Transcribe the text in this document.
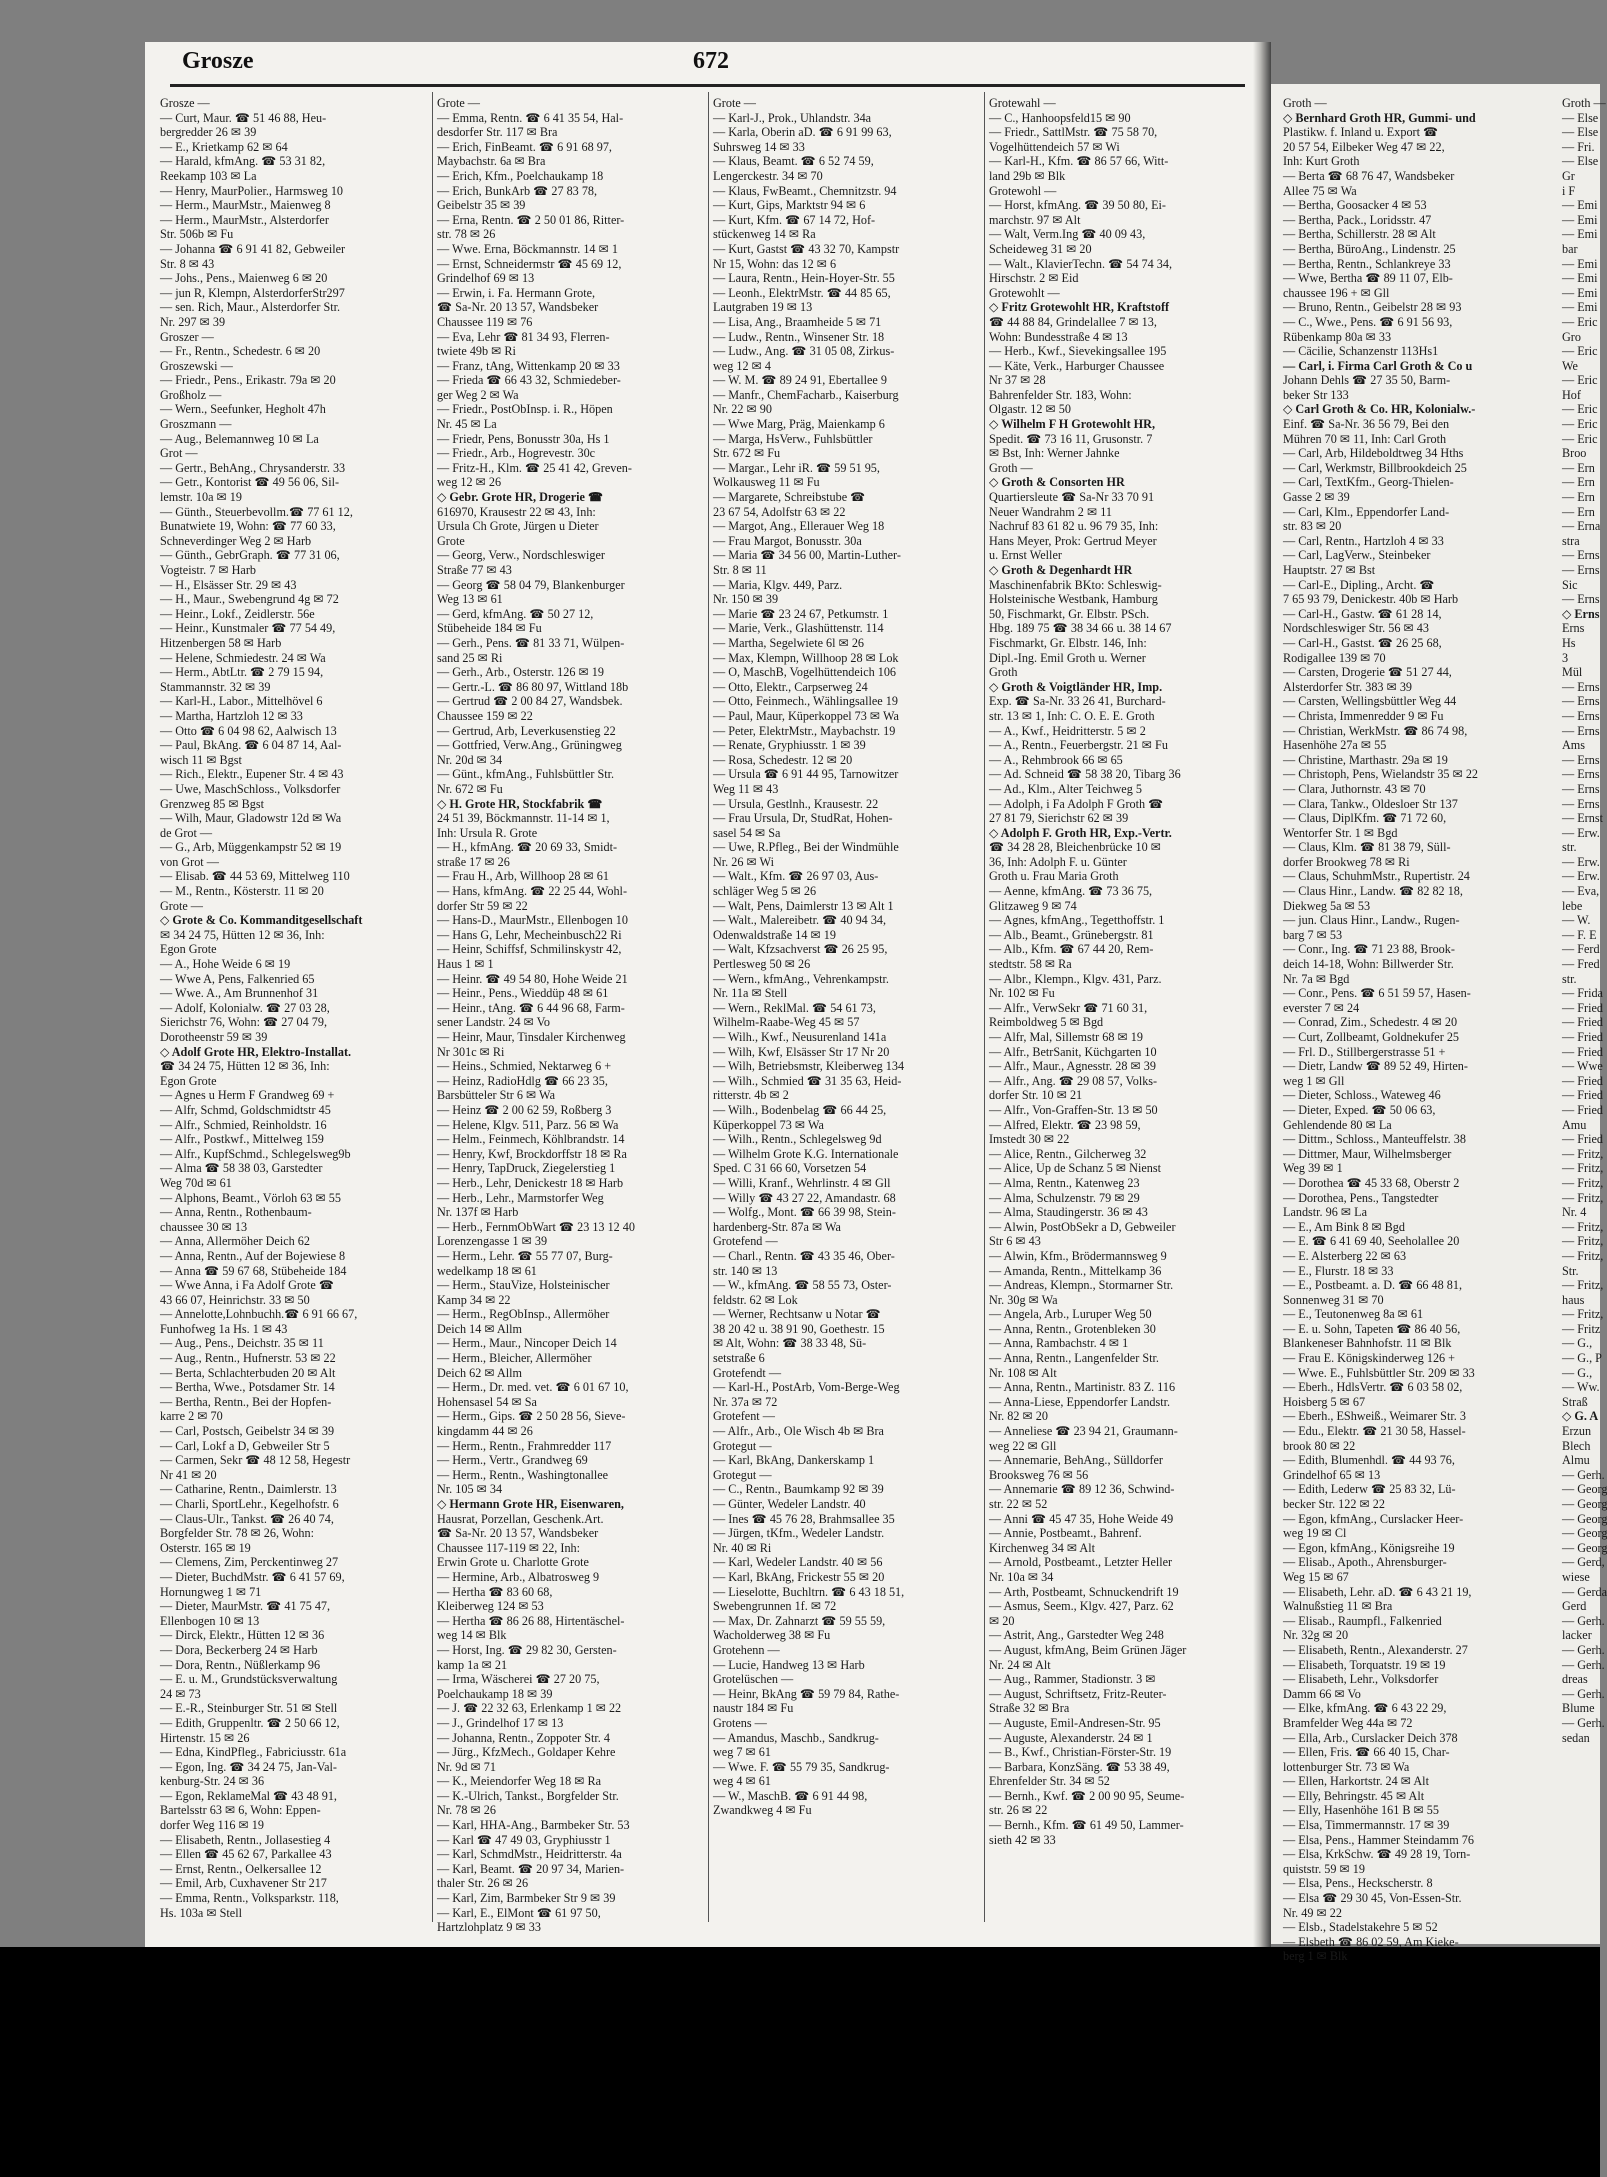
Grosze	672
Grosze —
— Curt, Maur. ☎ 51 46 88, Heu-
bergredder 26 ✉ 39
— E., Krietkamp 62 ✉ 64
— Harald, kfmAng. ☎ 53 31 82,
Reekamp 103 ✉ La
— Henry, MaurPolier., Harmsweg 10
— Herm., MaurMstr., Maienweg 8
— Herm., MaurMstr., Alsterdorfer
Str. 506b ✉ Fu
— Johanna ☎ 6 91 41 82, Gebweiler
Str. 8 ✉ 43
— Johs., Pens., Maienweg 6 ✉ 20
— jun R, Klempn, AlsterdorferStr297
— sen. Rich, Maur., Alsterdorfer Str.
Nr. 297 ✉ 39
Groszer —
— Fr., Rentn., Schedestr. 6 ✉ 20
Groszewski —
— Friedr., Pens., Erikastr. 79a ✉ 20
Großholz —
— Wern., Seefunker, Hegholt 47h
Groszmann —
— Aug., Belemannweg 10 ✉ La
Grot —
— Gertr., BehAng., Chrysanderstr. 33
— Getr., Kontorist ☎ 49 56 06, Sil-
lemstr. 10a ✉ 19
— Günth., Steuerbevollm.☎ 77 61 12,
Bunatwiete 19, Wohn: ☎ 77 60 33,
Schneverdinger Weg 2 ✉ Harb
— Günth., GebrGraph. ☎ 77 31 06,
Vogteistr. 7 ✉ Harb
— H., Elsässer Str. 29 ✉ 43
— H., Maur., Swebengrund 4g ✉ 72
— Heinr., Lokf., Zeidlerstr. 56e
— Heinr., Kunstmaler ☎ 77 54 49,
Hitzenbergen 58 ✉ Harb
— Helene, Schmiedestr. 24 ✉ Wa
— Herm., AbtLtr. ☎ 2 79 15 94,
Stammannstr. 32 ✉ 39
— Karl-H., Labor., Mittelhövel 6
— Martha, Hartzloh 12 ✉ 33
— Otto ☎ 6 04 98 62, Aalwisch 13
— Paul, BkAng. ☎ 6 04 87 14, Aal-
wisch 11 ✉ Bgst
— Rich., Elektr., Eupener Str. 4 ✉ 43
— Uwe, MaschSchloss., Volksdorfer
Grenzweg 85 ✉ Bgst
— Wilh, Maur, Gladowstr 12d ✉ Wa
de Grot —
— G., Arb, Müggenkampstr 52 ✉ 19
von Grot —
— Elisab. ☎ 44 53 69, Mittelweg 110
— M., Rentn., Kösterstr. 11 ✉ 20
Grote —
◇ Grote & Co. Kommanditgesellschaft
✉ 34 24 75, Hütten 12 ✉ 36, Inh:
Egon Grote
— A., Hohe Weide 6 ✉ 19
— Wwe A, Pens, Falkenried 65
— Wwe. A., Am Brunnenhof 31
— Adolf, Kolonialw. ☎ 27 03 28,
Sierichstr 76, Wohn: ☎ 27 04 79,
Dorotheenstr 59 ✉ 39
◇ Adolf Grote HR, Elektro-Installat.
☎ 34 24 75, Hütten 12 ✉ 36, Inh:
Egon Grote
— Agnes u Herm F Grandweg 69 +
— Alfr, Schmd, Goldschmidtstr 45
— Alfr., Schmied, Reinholdstr. 16
— Alfr., Postkwf., Mittelweg 159
— Alfr., KupfSchmd., Schlegelsweg9b
— Alma ☎ 58 38 03, Garstedter
Weg 70d ✉ 61
— Alphons, Beamt., Vörloh 63 ✉ 55
— Anna, Rentn., Rothenbaum-
chaussee 30 ✉ 13
— Anna, Allermöher Deich 62
— Anna, Rentn., Auf der Bojewiese 8
— Anna ☎ 59 67 68, Stübeheide 184
— Wwe Anna, i Fa Adolf Grote ☎
43 66 07, Heinrichstr. 33 ✉ 50
— Annelotte,Lohnbuchh.☎ 6 91 66 67,
Funhofweg 1a Hs. 1 ✉ 43
— Aug., Pens., Deichstr. 35 ✉ 11
— Aug., Rentn., Hufnerstr. 53 ✉ 22
— Berta, Schlachterbuden 20 ✉ Alt
— Bertha, Wwe., Potsdamer Str. 14
— Bertha, Rentn., Bei der Hopfen-
karre 2 ✉ 70
— Carl, Postsch, Geibelstr 34 ✉ 39
— Carl, Lokf a D, Gebweiler Str 5
— Carmen, Sekr ☎ 48 12 58, Hegestr
Nr 41 ✉ 20
— Catharine, Rentn., Daimlerstr. 13
— Charli, SportLehr., Kegelhofstr. 6
— Claus-Ulr., Tankst. ☎ 26 40 74,
Borgfelder Str. 78 ✉ 26, Wohn:
Osterstr. 165 ✉ 19
— Clemens, Zim, Perckentinweg 27
— Dieter, BuchdMstr. ☎ 6 41 57 69,
Hornungweg 1 ✉ 71
— Dieter, MaurMstr. ☎ 41 75 47,
Ellenbogen 10 ✉ 13
— Dirck, Elektr., Hütten 12 ✉ 36
— Dora, Beckerberg 24 ✉ Harb
— Dora, Rentn., Nüßlerkamp 96
— E. u. M., Grundstücksverwaltung
24 ✉ 73
— E.-R., Steinburger Str. 51 ✉ Stell
— Edith, Gruppenltr. ☎ 2 50 66 12,
Hirtenstr. 15 ✉ 26
— Edna, KindPfleg., Fabriciusstr. 61a
— Egon, Ing. ☎ 34 24 75, Jan-Val-
kenburg-Str. 24 ✉ 36
— Egon, ReklameMal ☎ 43 48 91,
Bartelsstr 63 ✉ 6, Wohn: Eppen-
dorfer Weg 116 ✉ 19
— Elisabeth, Rentn., Jollasestieg 4
— Ellen ☎ 45 62 67, Parkallee 43
— Ernst, Rentn., Oelkersallee 12
— Emil, Arb, Cuxhavener Str 217
— Emma, Rentn., Volksparkstr. 118,
Hs. 103a ✉ Stell
Grote —
— Emma, Rentn. ☎ 6 41 35 54, Hal-
desdorfer Str. 117 ✉ Bra
— Erich, FinBeamt. ☎ 6 91 68 97,
Maybachstr. 6a ✉ Bra
— Erich, Kfm., Poelchaukamp 18
— Erich, BunkArb ☎ 27 83 78,
Geibelstr 35 ✉ 39
— Erna, Rentn. ☎ 2 50 01 86, Ritter-
str. 78 ✉ 26
— Wwe. Erna, Böckmannstr. 14 ✉ 1
— Ernst, Schneidermstr ☎ 45 69 12,
Grindelhof 69 ✉ 13
— Erwin, i. Fa. Hermann Grote,
☎ Sa-Nr. 20 13 57, Wandsbeker
Chaussee 119 ✉ 76
— Eva, Lehr ☎ 81 34 93, Flerren-
twiete 49b ✉ Ri
— Franz, tAng, Wittenkamp 20 ✉ 33
— Frieda ☎ 66 43 32, Schmiedeber-
ger Weg 2 ✉ Wa
— Friedr., PostObInsp. i. R., Höpen
Nr. 45 ✉ La
— Friedr, Pens, Bonusstr 30a, Hs 1
— Friedr., Arb., Hogrevestr. 30c
— Fritz-H., Klm. ☎ 25 41 42, Greven-
weg 12 ✉ 26
◇ Gebr. Grote HR, Drogerie ☎
616970, Krausestr 22 ✉ 43, Inh:
Ursula Ch Grote, Jürgen u Dieter
Grote
— Georg, Verw., Nordschleswiger
Straße 77 ✉ 43
— Georg ☎ 58 04 79, Blankenburger
Weg 13 ✉ 61
— Gerd, kfmAng. ☎ 50 27 12,
Stübeheide 184 ✉ Fu
— Gerh., Pens. ☎ 81 33 71, Wülpen-
sand 25 ✉ Ri
— Gerh., Arb., Osterstr. 126 ✉ 19
— Gertr.-L. ☎ 86 80 97, Wittland 18b
— Gertrud ☎ 2 00 84 27, Wandsbek.
Chaussee 159 ✉ 22
— Gertrud, Arb, Leverkusenstieg 22
— Gottfried, Verw.Ang., Grüningweg
Nr. 20d ✉ 34
— Günt., kfmAng., Fuhlsbüttler Str.
Nr. 672 ✉ Fu
◇ H. Grote HR, Stockfabrik ☎
24 51 39, Böckmannstr. 11-14 ✉ 1,
Inh: Ursula R. Grote
— H., kfmAng. ☎ 20 69 33, Smidt-
straße 17 ✉ 26
— Frau H., Arb, Willhoop 28 ✉ 61
— Hans, kfmAng. ☎ 22 25 44, Wohl-
dorfer Str 59 ✉ 22
— Hans-D., MaurMstr., Ellenbogen 10
— Hans G, Lehr, Mecheinbusch22 Ri
— Heinr, Schiffsf, Schmilinskystr 42,
Haus 1 ✉ 1
— Heinr. ☎ 49 54 80, Hohe Weide 21
— Heinr., Pens., Wieddüp 48 ✉ 61
— Heinr., tAng. ☎ 6 44 96 68, Farm-
sener Landstr. 24 ✉ Vo
— Heinr, Maur, Tinsdaler Kirchenweg
Nr 301c ✉ Ri
— Heins., Schmied, Nektarweg 6 +
— Heinz, RadioHdlg ☎ 66 23 35,
Barsbütteler Str 6 ✉ Wa
— Heinz ☎ 2 00 62 59, Roßberg 3
— Helene, Klgv. 511, Parz. 56 ✉ Wa
— Helm., Feinmech, Köhlbrandstr. 14
— Henry, Kwf, Brockdorffstr 18 ✉ Ra
— Henry, TapDruck, Ziegelerstieg 1
— Herb., Lehr, Denickestr 18 ✉ Harb
— Herb., Lehr., Marmstorfer Weg
Nr. 137f ✉ Harb
— Herb., FernmObWart ☎ 23 13 12 40
Lorenzengasse 1 ✉ 39
— Herm., Lehr. ☎ 55 77 07, Burg-
wedelkamp 18 ✉ 61
— Herm., StauVize, Holsteinischer
Kamp 34 ✉ 22
— Herm., RegObInsp., Allermöher
Deich 14 ✉ Allm
— Herm., Maur., Nincoper Deich 14
— Herm., Bleicher, Allermöher
Deich 62 ✉ Allm
— Herm., Dr. med. vet. ☎ 6 01 67 10,
Hohensasel 54 ✉ Sa
— Herm., Gips. ☎ 2 50 28 56, Sieve-
kingdamm 44 ✉ 26
— Herm., Rentn., Frahmredder 117
— Herm., Vertr., Grandweg 69
— Herm., Rentn., Washingtonallee
Nr. 105 ✉ 34
◇ Hermann Grote HR, Eisenwaren,
Hausrat, Porzellan, Geschenk.Art.
☎ Sa-Nr. 20 13 57, Wandsbeker
Chaussee 117-119 ✉ 22, Inh:
Erwin Grote u. Charlotte Grote
— Hermine, Arb., Albatrosweg 9
— Hertha ☎ 83 60 68,
Kleiberweg 124 ✉ 53
— Hertha ☎ 86 26 88, Hirtentäschel-
weg 14 ✉ Blk
— Horst, Ing. ☎ 29 82 30, Gersten-
kamp 1a ✉ 21
— Irma, Wäscherei ☎ 27 20 75,
Poelchaukamp 18 ✉ 39
— J. ☎ 22 32 63, Erlenkamp 1 ✉ 22
— J., Grindelhof 17 ✉ 13
— Johanna, Rentn., Zoppoter Str. 4
— Jürg., KfzMech., Goldaper Kehre
Nr. 9d ✉ 71
— K., Meiendorfer Weg 18 ✉ Ra
— K.-Ulrich, Tankst., Borgfelder Str.
Nr. 78 ✉ 26
— Karl, HHA-Ang., Barmbeker Str. 53
— Karl ☎ 47 49 03, Gryphiusstr 1
— Karl, SchmdMstr., Heidritterstr. 4a
— Karl, Beamt. ☎ 20 97 34, Marien-
thaler Str. 26 ✉ 26
— Karl, Zim, Barmbeker Str 9 ✉ 39
— Karl, E., ElMont ☎ 61 97 50,
Hartzlohplatz 9 ✉ 33
Grote —
— Karl-J., Prok., Uhlandstr. 34a
— Karla, Oberin aD. ☎ 6 91 99 63,
Suhrsweg 14 ✉ 33
— Klaus, Beamt. ☎ 6 52 74 59,
Lengerckestr. 34 ✉ 70
— Klaus, FwBeamt., Chemnitzstr. 94
— Kurt, Gips, Marktstr 94 ✉ 6
— Kurt, Kfm. ☎ 67 14 72, Hof-
stückenweg 14 ✉ Ra
— Kurt, Gastst ☎ 43 32 70, Kampstr
Nr 15, Wohn: das 12 ✉ 6
— Laura, Rentn., Hein-Hoyer-Str. 55
— Leonh., ElektrMstr. ☎ 44 85 65,
Lautgraben 19 ✉ 13
— Lisa, Ang., Braamheide 5 ✉ 71
— Ludw., Rentn., Winsener Str. 18
— Ludw., Ang. ☎ 31 05 08, Zirkus-
weg 12 ✉ 4
— W. M. ☎ 89 24 91, Ebertallee 9
— Manfr., ChemFacharb., Kaiserburg
Nr. 22 ✉ 90
— Wwe Marg, Präg, Maienkamp 6
— Marga, HsVerw., Fuhlsbüttler
Str. 672 ✉ Fu
— Margar., Lehr iR. ☎ 59 51 95,
Wolkausweg 11 ✉ Fu
— Margarete, Schreibstube ☎
23 67 54, Adolfstr 63 ✉ 22
— Margot, Ang., Ellerauer Weg 18
— Frau Margot, Bonusstr. 30a
— Maria ☎ 34 56 00, Martin-Luther-
Str. 8 ✉ 11
— Maria, Klgv. 449, Parz.
Nr. 150 ✉ 39
— Marie ☎ 23 24 67, Petkumstr. 1
— Marie, Verk., Glashüttenstr. 114
— Martha, Segelwiete 6l ✉ 26
— Max, Klempn, Willhoop 28 ✉ Lok
— O, MaschB, Vogelhüttendeich 106
— Otto, Elektr., Carpserweg 24
— Otto, Feinmech., Wählingsallee 19
— Paul, Maur, Küperkoppel 73 ✉ Wa
— Peter, ElektrMstr., Maybachstr. 19
— Renate, Gryphiusstr. 1 ✉ 39
— Rosa, Schedestr. 12 ✉ 20
— Ursula ☎ 6 91 44 95, Tarnowitzer
Weg 11 ✉ 43
— Ursula, Gestlnh., Krausestr. 22
— Frau Ursula, Dr, StudRat, Hohen-
sasel 54 ✉ Sa
— Uwe, R.Pfleg., Bei der Windmühle
Nr. 26 ✉ Wi
— Walt., Kfm. ☎ 26 97 03, Aus-
schläger Weg 5 ✉ 26
— Walt, Pens, Daimlerstr 13 ✉ Alt 1
— Walt., Malereibetr. ☎ 40 94 34,
Odenwaldstraße 14 ✉ 19
— Walt, Kfzsachverst ☎ 26 25 95,
Pertlesweg 50 ✉ 26
— Wern., kfmAng., Vehrenkampstr.
Nr. 11a ✉ Stell
— Wern., ReklMal. ☎ 54 61 73,
Wilhelm-Raabe-Weg 45 ✉ 57
— Wilh., Kwf., Neusurenland 141a
— Wilh, Kwf, Elsässer Str 17 Nr 20
— Wilh, Betriebsmstr, Kleiberweg 134
— Wilh., Schmied ☎ 31 35 63, Heid-
ritterstr. 4b ✉ 2
— Wilh., Bodenbelag ☎ 66 44 25,
Küperkoppel 73 ✉ Wa
— Wilh., Rentn., Schlegelsweg 9d
— Wilhelm Grote K.G. Internationale
Sped. C 31 66 60, Vorsetzen 54
— Willi, Kranf., Wehrlinstr. 4 ✉ Gll
— Willy ☎ 43 27 22, Amandastr. 68
— Wolfg., Mont. ☎ 66 39 98, Stein-
hardenberg-Str. 87a ✉ Wa
Grotefend —
— Charl., Rentn. ☎ 43 35 46, Ober-
str. 140 ✉ 13
— W., kfmAng. ☎ 58 55 73, Oster-
feldstr. 62 ✉ Lok
— Werner, Rechtsanw u Notar ☎
38 20 42 u. 38 91 90, Goethestr. 15
✉ Alt, Wohn: ☎ 38 33 48, Sü-
setstraße 6
Grotefendt —
— Karl-H., PostArb, Vom-Berge-Weg
Nr. 37a ✉ 72
Grotefent —
— Alfr., Arb., Ole Wisch 4b ✉ Bra
Grotegut —
— Karl, BkAng, Dankerskamp 1
Grotegut —
— C., Rentn., Baumkamp 92 ✉ 39
— Günter, Wedeler Landstr. 40
— Ines ☎ 45 76 28, Brahmsallee 35
— Jürgen, tKfm., Wedeler Landstr.
Nr. 40 ✉ Ri
— Karl, Wedeler Landstr. 40 ✉ 56
— Karl, BkAng, Frickestr 55 ✉ 20
— Lieselotte, Buchltrn. ☎ 6 43 18 51,
Swebengrunnen 1f. ✉ 72
— Max, Dr. Zahnarzt ☎ 59 55 59,
Wacholderweg 38 ✉ Fu
Grotehenn —
— Lucie, Handweg 13 ✉ Harb
Grotelüschen —
— Heinr, BkAng ☎ 59 79 84, Rathe-
naustr 184 ✉ Fu
Grotens —
— Amandus, Maschb., Sandkrug-
weg 7 ✉ 61
— Wwe. F. ☎ 55 79 35, Sandkrug-
weg 4 ✉ 61
— W., MaschB. ☎ 6 91 44 98,
Zwandkweg 4 ✉ Fu
Grotewahl —
— C., Hanhoopsfeld15 ✉ 90
— Friedr., SattlMstr. ☎ 75 58 70,
Vogelhüttendeich 57 ✉ Wi
— Karl-H., Kfm. ☎ 86 57 66, Witt-
land 29b ✉ Blk
Grotewohl —
— Horst, kfmAng. ☎ 39 50 80, Ei-
marchstr. 97 ✉ Alt
— Walt, Verm.Ing ☎ 40 09 43,
Scheideweg 31 ✉ 20
— Walt., KlavierTechn. ☎ 54 74 34,
Hirschstr. 2 ✉ Eid
Grotewohlt —
◇ Fritz Grotewohlt HR, Kraftstoff
☎ 44 88 84, Grindelallee 7 ✉ 13,
Wohn: Bundesstraße 4 ✉ 13
— Herb., Kwf., Sievekingsallee 195
— Käte, Verk., Harburger Chaussee
Nr 37 ✉ 28
Bahrenfelder Str. 183, Wohn:
Olgastr. 12 ✉ 50
◇ Wilhelm F H Grotewohlt HR,
Spedit. ☎ 73 16 11, Grusonstr. 7
✉ Bst, Inh: Werner Jahnke
Groth —
◇ Groth & Consorten HR
Quartiersleute ☎ Sa-Nr 33 70 91
Neuer Wandrahm 2 ✉ 11
Nachruf 83 61 82 u. 96 79 35, Inh:
Hans Meyer, Prok: Gertrud Meyer
u. Ernst Weller
◇ Groth & Degenhardt HR
Maschinenfabrik BKto: Schleswig-
Holsteinische Westbank, Hamburg
50, Fischmarkt, Gr. Elbstr. PSch.
Hbg. 189 75 ☎ 38 34 66 u. 38 14 67
Fischmarkt, Gr. Elbstr. 146, Inh:
Dipl.-Ing. Emil Groth u. Werner
Groth
◇ Groth & Voigtländer HR, Imp.
Exp. ☎ Sa-Nr. 33 26 41, Burchard-
str. 13 ✉ 1, Inh: C. O. E. E. Groth
— A., Kwf., Heidritterstr. 5 ✉ 2
— A., Rentn., Feuerbergstr. 21 ✉ Fu
— A., Rehmbrook 66 ✉ 65
— Ad. Schneid ☎ 58 38 20, Tibarg 36
— Ad., Klm., Alter Teichweg 5
— Adolph, i Fa Adolph F Groth ☎
27 81 79, Sierichstr 62 ✉ 39
◇ Adolph F. Groth HR, Exp.-Vertr.
☎ 34 28 28, Bleichenbrücke 10 ✉
36, Inh: Adolph F. u. Günter
Groth u. Frau Maria Groth
— Aenne, kfmAng. ☎ 73 36 75,
Glitzaweg 9 ✉ 74
— Agnes, kfmAng., Tegetthoffstr. 1
— Alb., Beamt., Grünebergstr. 81
— Alb., Kfm. ☎ 67 44 20, Rem-
stedtstr. 58 ✉ Ra
— Albr., Klempn., Klgv. 431, Parz.
Nr. 102 ✉ Fu
— Alfr., VerwSekr ☎ 71 60 31,
Reimboldweg 5 ✉ Bgd
— Alfr, Mal, Sillemstr 68 ✉ 19
— Alfr., BetrSanit, Küchgarten 10
— Alfr., Maur., Agnesstr. 28 ✉ 39
— Alfr., Ang. ☎ 29 08 57, Volks-
dorfer Str. 10 ✉ 21
— Alfr., Von-Graffen-Str. 13 ✉ 50
— Alfred, Elektr. ☎ 23 98 59,
Imstedt 30 ✉ 22
— Alice, Rentn., Gilcherweg 32
— Alice, Up de Schanz 5 ✉ Nienst
— Alma, Rentn., Katenweg 23
— Alma, Schulzenstr. 79 ✉ 29
— Alma, Staudingerstr. 36 ✉ 43
— Alwin, PostObSekr a D, Gebweiler
Str 6 ✉ 43
— Alwin, Kfm., Brödermannsweg 9
— Amanda, Rentn., Mittelkamp 36
— Andreas, Klempn., Stormarner Str.
Nr. 30g ✉ Wa
— Angela, Arb., Luruper Weg 50
— Anna, Rentn., Grotenbleken 30
— Anna, Rambachstr. 4 ✉ 1
— Anna, Rentn., Langenfelder Str.
Nr. 108 ✉ Alt
— Anna, Rentn., Martinistr. 83 Z. 116
— Anna-Liese, Eppendorfer Landstr.
Nr. 82 ✉ 20
— Anneliese ☎ 23 94 21, Graumann-
weg 22 ✉ Gll
— Annemarie, BehAng., Sülldorfer
Brooksweg 76 ✉ 56
— Annemarie ☎ 89 12 36, Schwind-
str. 22 ✉ 52
— Anni ☎ 45 47 35, Hohe Weide 49
— Annie, Postbeamt., Bahrenf.
Kirchenweg 34 ✉ Alt
— Arnold, Postbeamt., Letzter Heller
Nr. 10a ✉ 34
— Arth, Postbeamt, Schnuckendrift 19
— Asmus, Seem., Klgv. 427, Parz. 62
✉ 20
— Astrit, Ang., Garstedter Weg 248
— August, kfmAng, Beim Grünen Jäger
Nr. 24 ✉ Alt
— Aug., Rammer, Stadionstr. 3 ✉
— August, Schriftsetz, Fritz-Reuter-
Straße 32 ✉ Bra
— Auguste, Emil-Andresen-Str. 95
— Auguste, Alexanderstr. 24 ✉ 1
— B., Kwf., Christian-Förster-Str. 19
— Barbara, KonzSäng. ☎ 53 38 49,
Ehrenfelder Str. 34 ✉ 52
— Bernh., Kwf. ☎ 2 00 90 95, Seume-
str. 26 ✉ 22
— Bernh., Kfm. ☎ 61 49 50, Lammer-
sieth 42 ✉ 33
Groth —
◇ Bernhard Groth HR, Gummi- und
Plastikw. f. Inland u. Export ☎
20 57 54, Eilbeker Weg 47 ✉ 22,
Inh: Kurt Groth
— Berta ☎ 68 76 47, Wandsbeker
Allee 75 ✉ Wa
— Bertha, Goosacker 4 ✉ 53
— Bertha, Pack., Loridsstr. 47
— Bertha, Schillerstr. 28 ✉ Alt
— Bertha, BüroAng., Lindenstr. 25
— Bertha, Rentn., Schlankreye 33
— Wwe, Bertha ☎ 89 11 07, Elb-
chaussee 196 + ✉ Gll
— Bruno, Rentn., Geibelstr 28 ✉ 93
— C., Wwe., Pens. ☎ 6 91 56 93,
Rübenkamp 80a ✉ 33
— Cäcilie, Schanzenstr 113Hs1
— Carl, i. Firma Carl Groth & Co u
Johann Dehls ☎ 27 35 50, Barm-
beker Str 133
◇ Carl Groth & Co. HR, Kolonialw.-
Einf. ☎ Sa-Nr. 36 56 79, Bei den
Mühren 70 ✉ 11, Inh: Carl Groth
— Carl, Arb, Hildeboldtweg 34 Hths
— Carl, Werkmstr, Billbrookdeich 25
— Carl, TextKfm., Georg-Thielen-
Gasse 2 ✉ 39
— Carl, Klm., Eppendorfer Land-
str. 83 ✉ 20
— Carl, Rentn., Hartzloh 4 ✉ 33
— Carl, LagVerw., Steinbeker
Hauptstr. 27 ✉ Bst
— Carl-E., Dipling., Archt. ☎
7 65 93 79, Denickestr. 40b ✉ Harb
— Carl-H., Gastw. ☎ 61 28 14,
Nordschleswiger Str. 56 ✉ 43
— Carl-H., Gastst. ☎ 26 25 68,
Rodigallee 139 ✉ 70
— Carsten, Drogerie ☎ 51 27 44,
Alsterdorfer Str. 383 ✉ 39
— Carsten, Wellingsbüttler Weg 44
— Christa, Immenredder 9 ✉ Fu
— Christian, WerkMstr. ☎ 86 74 98,
Hasenhöhe 27a ✉ 55
— Christine, Marthastr. 29a ✉ 19
— Christoph, Pens, Wielandstr 35 ✉ 22
— Clara, Juthornstr. 43 ✉ 70
— Clara, Tankw., Oldesloer Str 137
— Claus, DiplKfm. ☎ 71 72 60,
Wentorfer Str. 1 ✉ Bgd
— Claus, Klm. ☎ 81 38 79, Süll-
dorfer Brookweg 78 ✉ Ri
— Claus, SchuhmMstr., Rupertistr. 24
— Claus Hinr., Landw. ☎ 82 82 18,
Diekweg 5a ✉ 53
— jun. Claus Hinr., Landw., Rugen-
barg 7 ✉ 53
— Conr., Ing. ☎ 71 23 88, Brook-
deich 14-18, Wohn: Billwerder Str.
Nr. 7a ✉ Bgd
— Conr., Pens. ☎ 6 51 59 57, Hasen-
everster 7 ✉ 24
— Conrad, Zim., Schedestr. 4 ✉ 20
— Curt, Zollbeamt, Goldnekufer 25
— Frl. D., Stillbergerstrasse 51 +
— Dietr, Landw ☎ 89 52 49, Hirten-
weg 1 ✉ Gll
— Dieter, Schloss., Wateweg 46
— Dieter, Exped. ☎ 50 06 63,
Gehlendende 80 ✉ La
— Dittm., Schloss., Manteuffelstr. 38
— Dittmer, Maur, Wilhelmsberger
Weg 39 ✉ 1
— Dorothea ☎ 45 33 68, Oberstr 2
— Dorothea, Pens., Tangstedter
Landstr. 96 ✉ La
— E., Am Bink 8 ✉ Bgd
— E. ☎ 6 41 69 40, Seeholallee 20
— E. Alsterberg 22 ✉ 63
— E., Flurstr. 18 ✉ 33
— E., Postbeamt. a. D. ☎ 66 48 81,
Sonnenweg 31 ✉ 70
— E., Teutonenweg 8a ✉ 61
— E. u. Sohn, Tapeten ☎ 86 40 56,
Blankeneser Bahnhofstr. 11 ✉ Blk
— Frau E. Königskinderweg 126 +
— Wwe. E., Fuhlsbüttler Str. 209 ✉ 33
— Eberh., HdlsVertr. ☎ 6 03 58 02,
Hoisberg 5 ✉ 67
— Eberh., EShweiß., Weimarer Str. 3
— Edu., Elektr. ☎ 21 30 58, Hassel-
brook 80 ✉ 22
— Edith, Blumenhdl. ☎ 44 93 76,
Grindelhof 65 ✉ 13
— Edith, Lederw ☎ 25 83 32, Lü-
becker Str. 122 ✉ 22
— Egon, kfmAng., Curslacker Heer-
weg 19 ✉ Cl
— Egon, kfmAng., Königsreihe 19
— Elisab., Apoth., Ahrensburger-
Weg 15 ✉ 67
— Elisabeth, Lehr. aD. ☎ 6 43 21 19,
Walnußstieg 11 ✉ Bra
— Elisab., Raumpfl., Falkenried
Nr. 32g ✉ 20
— Elisabeth, Rentn., Alexanderstr. 27
— Elisabeth, Torquatstr. 19 ✉ 19
— Elisabeth, Lehr., Volksdorfer
Damm 66 ✉ Vo
— Elke, kfmAng. ☎ 6 43 22 29,
Bramfelder Weg 44a ✉ 72
— Ella, Arb., Curslacker Deich 378
— Ellen, Fris. ☎ 66 40 15, Char-
lottenburger Str. 73 ✉ Wa
— Ellen, Harkortstr. 24 ✉ Alt
— Elly, Behringstr. 45 ✉ Alt
— Elly, Hasenhöhe 161 B ✉ 55
— Elsa, Timmermannstr. 17 ✉ 39
— Elsa, Pens., Hammer Steindamm 76
— Elsa, KrkSchw. ☎ 49 28 19, Torn-
quiststr. 59 ✉ 19
— Elsa, Pens., Heckscherstr. 8
— Elsa ☎ 29 30 45, Von-Essen-Str.
Nr. 49 ✉ 22
— Elsb., Stadelstakehre 5 ✉ 52
— Elsbeth ☎ 86 02 59, Am Kieke-
berg 1 ✉ Blk
Groth —
— Else
— Else
— Fri.
— Else
Gr
i F
— Emi
— Emi
— Emi
bar
— Emi
— Emi
— Emi
— Emi
— Eric
Gro
— Eric
We
— Eric
Hof
— Eric
— Eric
— Eric
Broo
— Ern
— Ern
— Ern
— Ern
— Erna
stra
— Erns
— Erns
Sic
— Erns
◇ Erns
Erns
Hs
3
Mül
— Erns
— Erns
— Erns
— Erns
Ams
— Erns
— Erns
— Erns
— Erns
— Ernst
— Erw.
str.
— Erw.
— Erw.
— Eva,
lebe
— W.
— F. E
— Ferd
— Fred
str.
— Frida
— Fried
— Fried
— Fried
— Fried
— Wwe
— Fried
— Fried
— Fried
Amu
— Fried
— Fritz,
— Fritz,
— Fritz,
— Fritz,
Nr. 4
— Fritz,
— Fritz,
— Fritz,
Str.
— Fritz,
haus
— Fritz,
— Fritz
— G.,
— G., P
— G.,
— Ww.
Straß
◇ G. A
Erzun
Blech
Almu
— Gerh.
— Georg
— Georg
— Georg
— Georg
— Georg
— Gerd,
wiese
— Gerda
Gerd
— Gerh.
lacker
— Gerh.
— Gerh.
dreas
— Gerh.
Blume
— Gerh.
sedan
